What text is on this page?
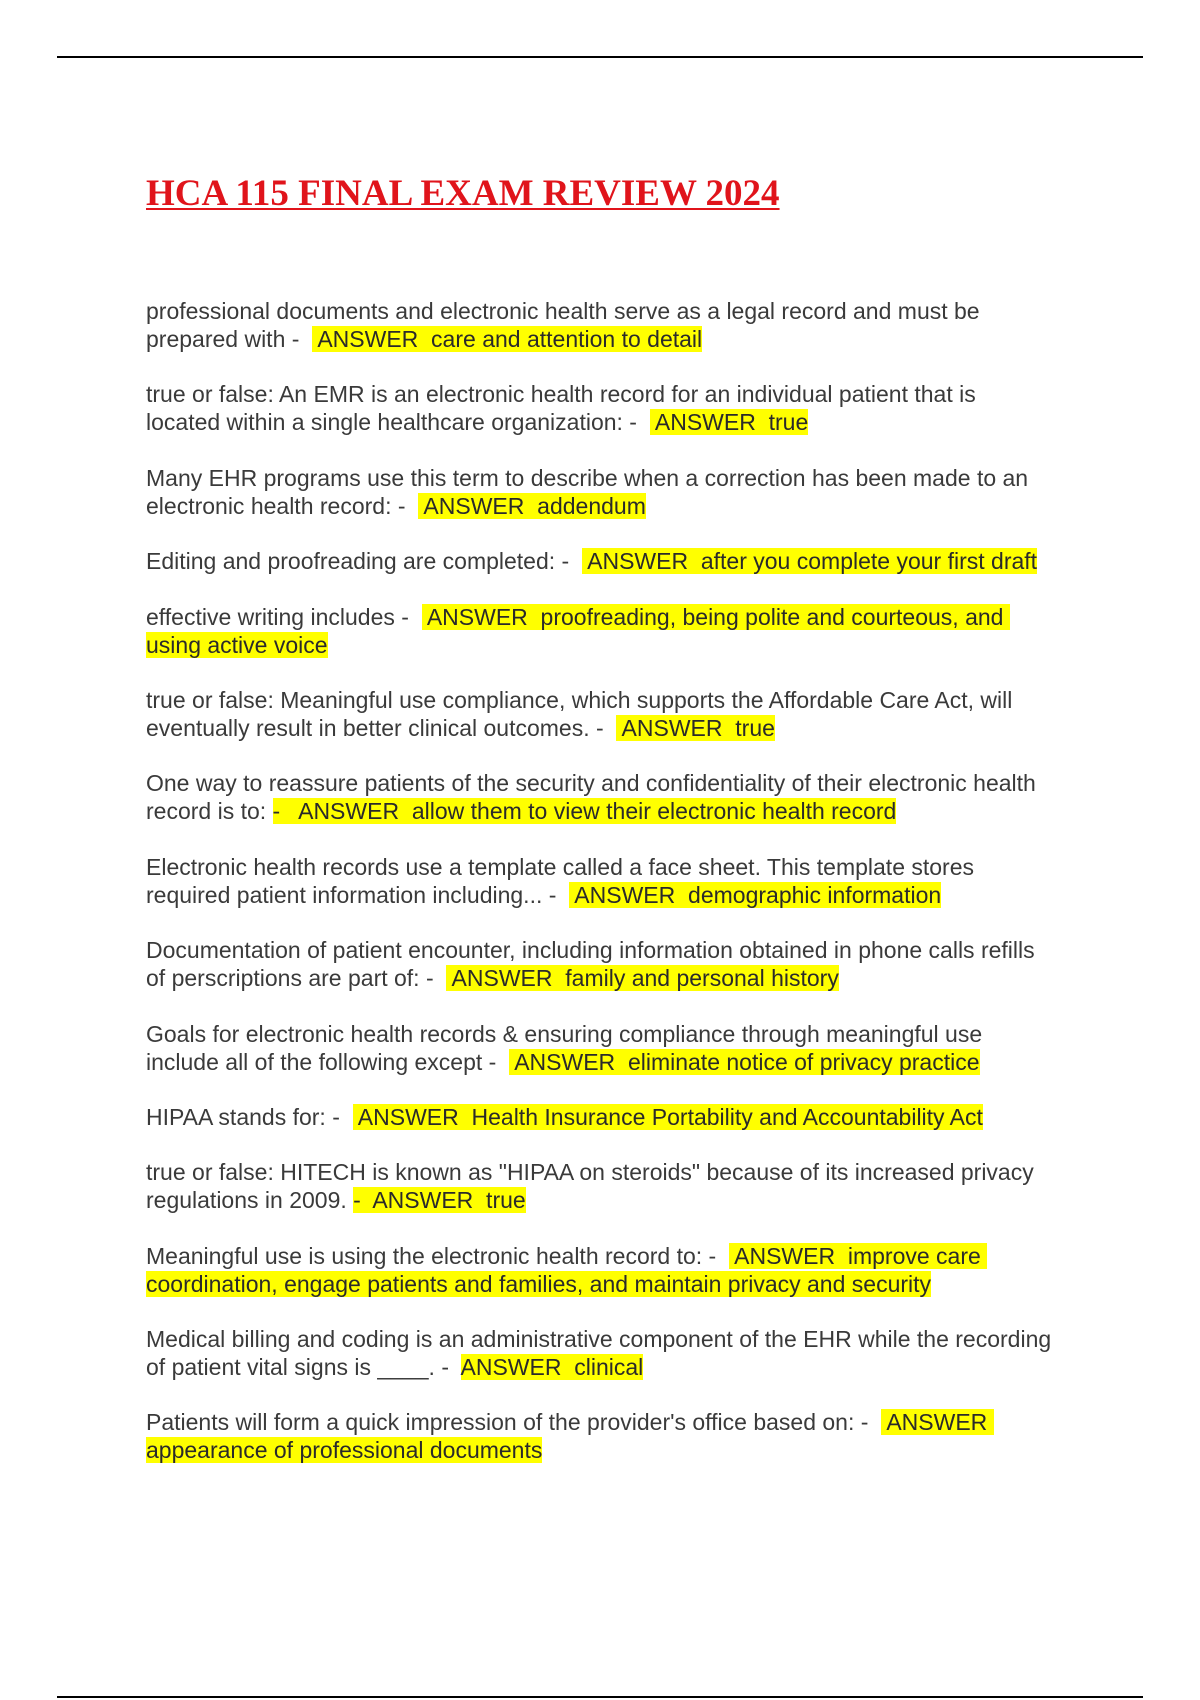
HCA 115 FINAL EXAM REVIEW 2024

professional documents and electronic health serve as a legal record and must be prepared with -   ANSWER  care and attention to detail

true or false: An EMR is an electronic health record for an individual patient that is located within a single healthcare organization: -   ANSWER  true

Many EHR programs use this term to describe when a correction has been made to an electronic health record: -   ANSWER  addendum

Editing and proofreading are completed: -   ANSWER  after you complete your first draft

effective writing includes -   ANSWER  proofreading, being polite and courteous, and using active voice

true or false: Meaningful use compliance, which supports the Affordable Care Act, will eventually result in better clinical outcomes. -   ANSWER  true

One way to reassure patients of the security and confidentiality of their electronic health record is to: -   ANSWER  allow them to view their electronic health record

Electronic health records use a template called a face sheet. This template stores required patient information including... -   ANSWER  demographic information

Documentation of patient encounter, including information obtained in phone calls refills of perscriptions are part of: -   ANSWER  family and personal history

Goals for electronic health records & ensuring compliance through meaningful use include all of the following except -   ANSWER  eliminate notice of privacy practice

HIPAA stands for: -   ANSWER  Health Insurance Portability and Accountability Act

true or false: HITECH is known as "HIPAA on steroids" because of its increased privacy regulations in 2009. -  ANSWER  true

Meaningful use is using the electronic health record to: -   ANSWER  improve care coordination, engage patients and families, and maintain privacy and security

Medical billing and coding is an administrative component of the EHR while the recording of patient vital signs is ____. -  ANSWER  clinical

Patients will form a quick impression of the provider's office based on: -   ANSWER appearance of professional documents
